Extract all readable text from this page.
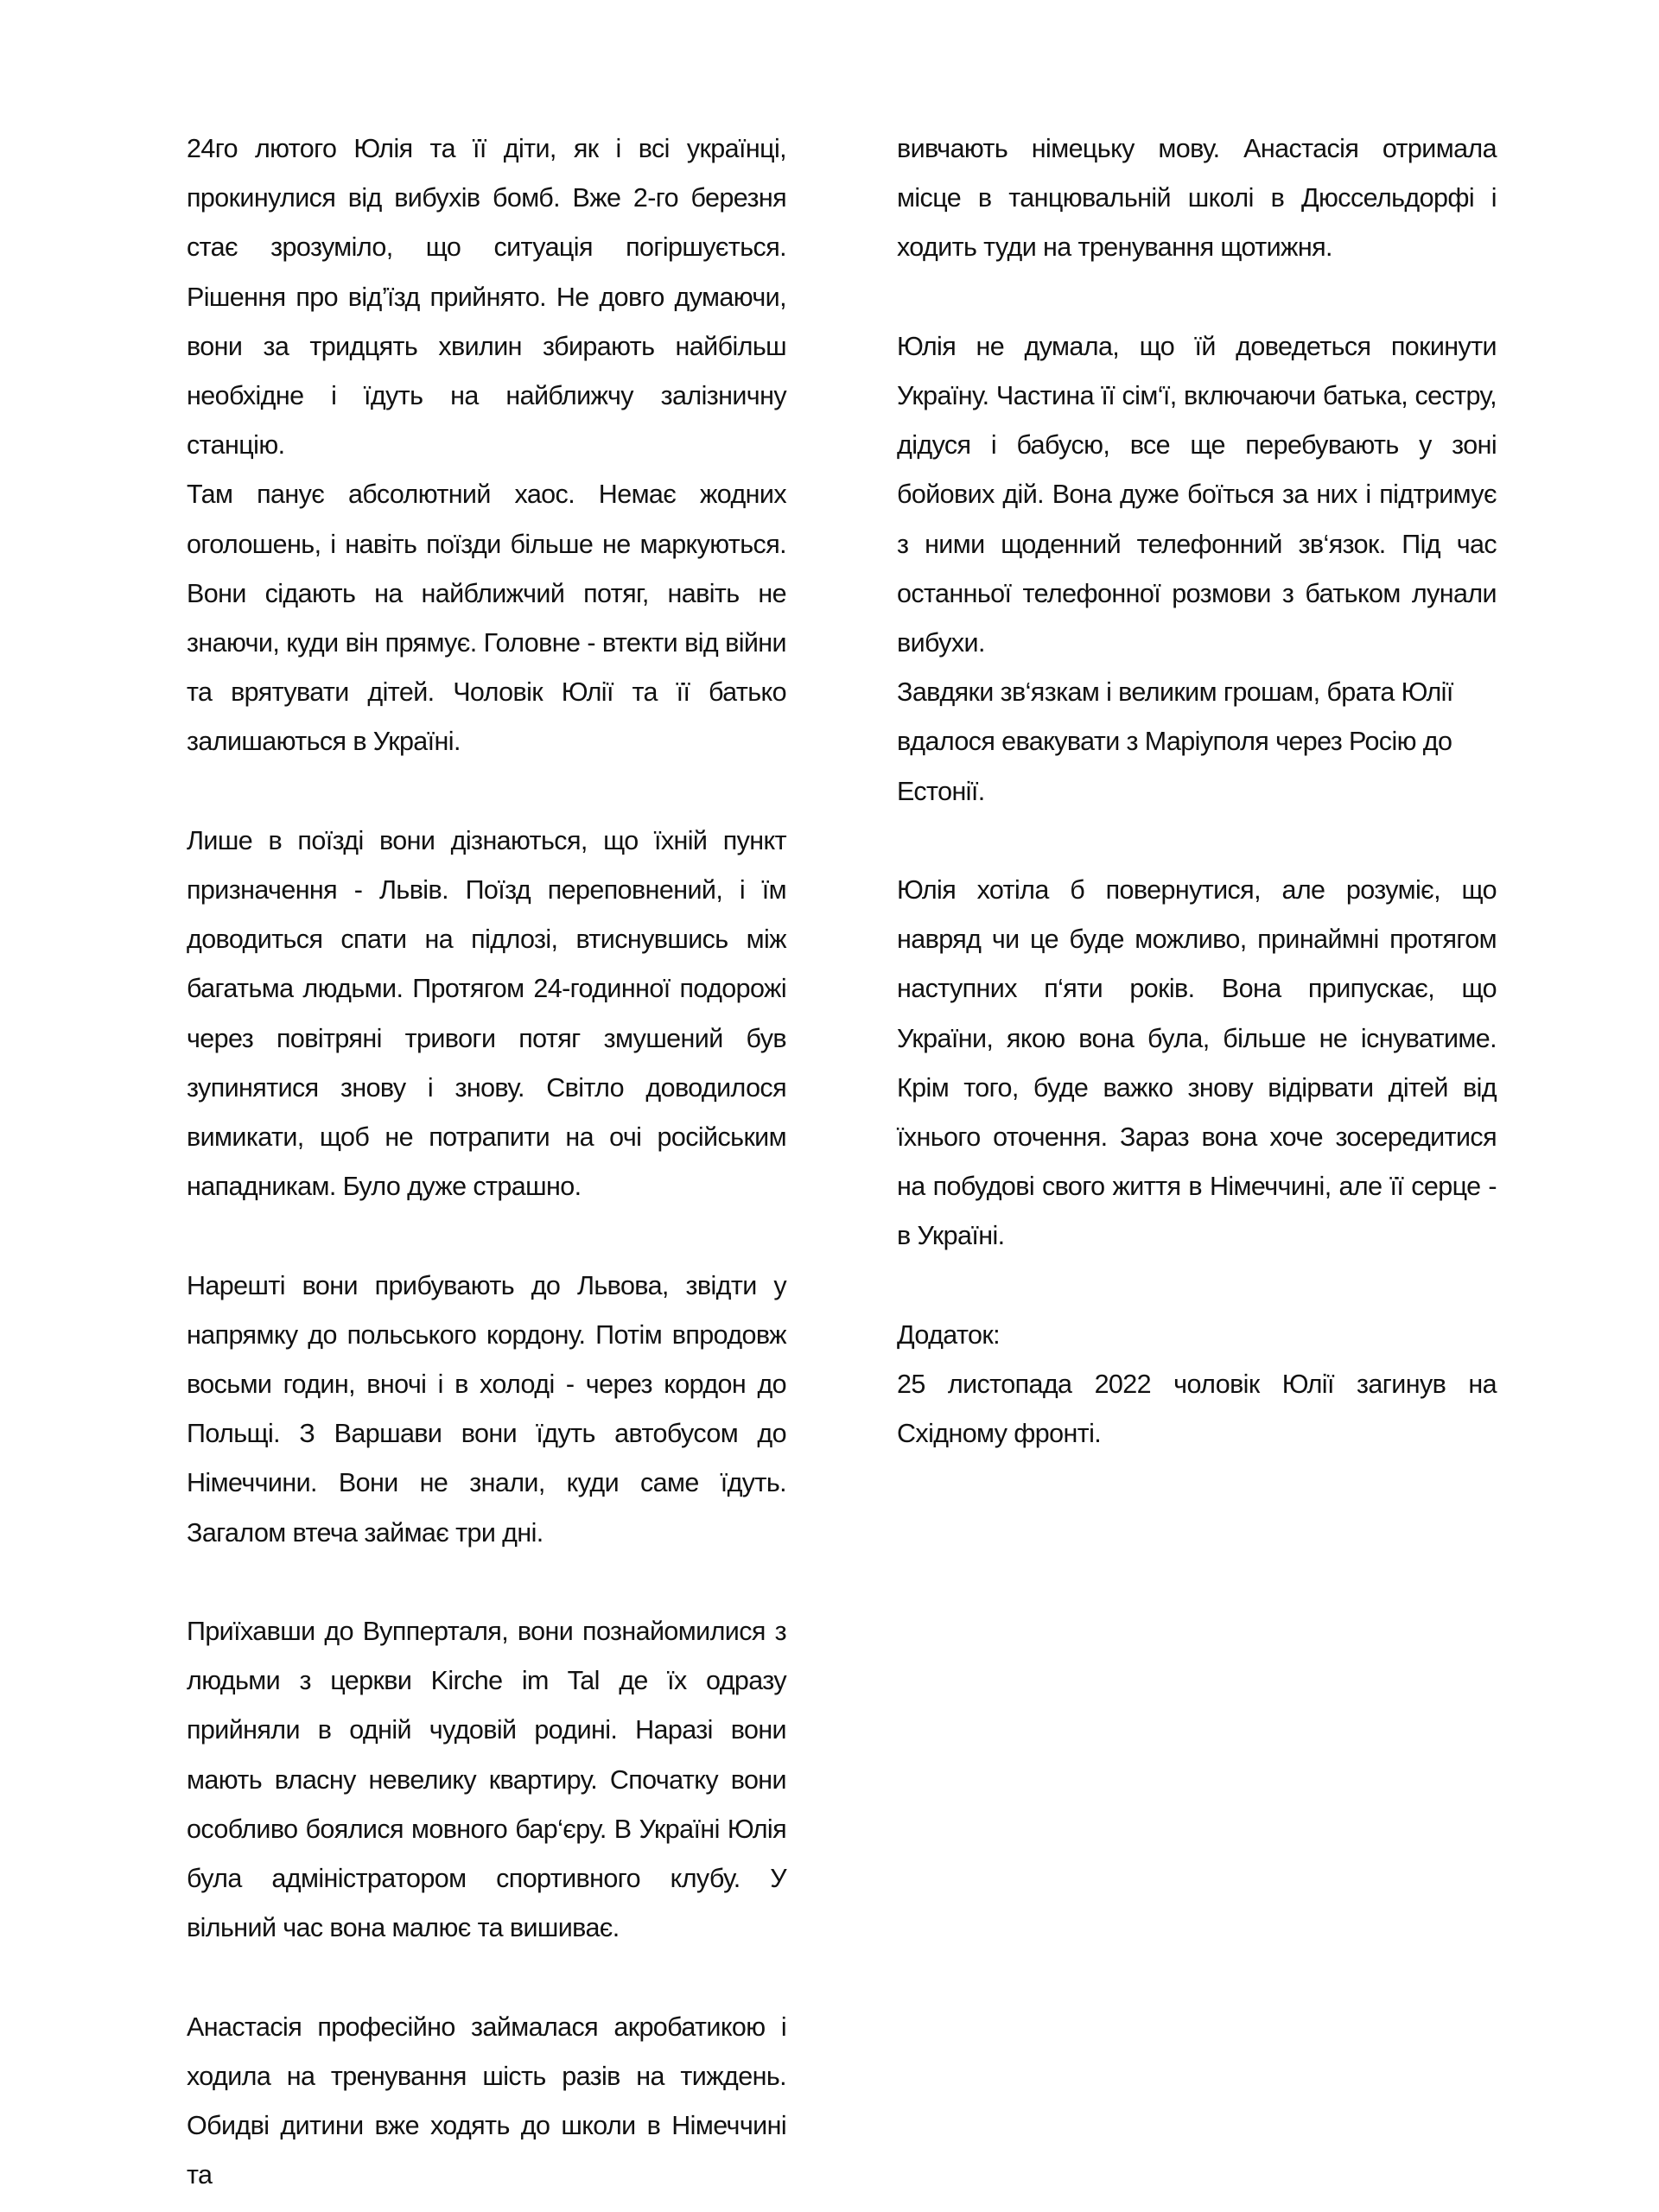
24го лютого Юлія та її діти, як і всі українці, прокинулися від вибухів бомб. Вже 2-го березня стає зрозуміло, що ситуація погіршується. Рішення про від’їзд прийнято. Не довго думаючи, вони за тридцять хвилин збирають найбільш необхідне і їдуть на найближчу залізничну станцію.

Там панує абсолютний хаос. Немає жодних оголошень, і навіть поїзди більше не маркуються. Вони сідають на найближчий потяг, навіть не знаючи, куди він прямує. Головне - втекти від війни та врятувати дітей. Чоловік Юлії та її батько залишаються в Україні.

Лише в поїзді вони дізнаються, що їхній пункт призначення - Львів. Поїзд переповнений, і їм доводиться спати на підлозі, втиснувшись між багатьма людьми. Протягом 24-годинної подорожі через повітряні тривоги потяг змушений був зупинятися знову і знову. Світло доводилося вимикати, щоб не потрапити на очі російським нападникам. Було дуже страшно.

Нарешті вони прибувають до Львова, звідти у напрямку до польського кордону. Потім впродовж восьми годин, вночі і в холоді - через кордон до Польщі. З Варшави вони їдуть автобусом до Німеччини. Вони не знали, куди саме їдуть. Загалом втеча займає три дні.

Приїхавши до Вупперталя, вони познайомилися з людьми з церкви Kirche im Tal де їх одразу прийняли в одній чудовій родині. Наразі вони мають власну невелику квартиру. Спочатку вони особливо боялися мовного бар‘єру. В Україні Юлія була адміністратором спортивного клубу. У вільний час вона малює та вишиває.

Анастасія професійно займалася акробатикою і ходила на тренування шість разів на тиждень. Обидві дитини вже ходять до школи в Німеччині та

вивчають німецьку мову. Анастасія отримала місце в танцювальній школі в Дюссельдорфі і ходить туди на тренування щотижня.

Юлія не думала, що їй доведеться покинути Україну. Частина її сім‘ї, включаючи батька, сестру, дідуся і бабусю, все ще перебувають у зоні бойових дій. Вона дуже боїться за них і підтримує з ними щоденний телефонний зв‘язок. Під час останньої телефонної розмови з батьком лунали вибухи.

Завдяки зв‘язкам і великим грошам, брата Юлії вдалося евакувати з Маріуполя через Росію до Естонії.

Юлія хотіла б повернутися, але розуміє, що навряд чи це буде можливо, принаймні протягом наступних п‘яти років. Вона припускає, що України, якою вона була, більше не існуватиме. Крім того, буде важко знову відірвати дітей від їхнього оточення. Зараз вона хоче зосередитися на побудові свого життя в Німеччині, але її серце - в Україні.

Додаток:

25 листопада 2022 чоловік Юлії загинув на Східному фронті.
